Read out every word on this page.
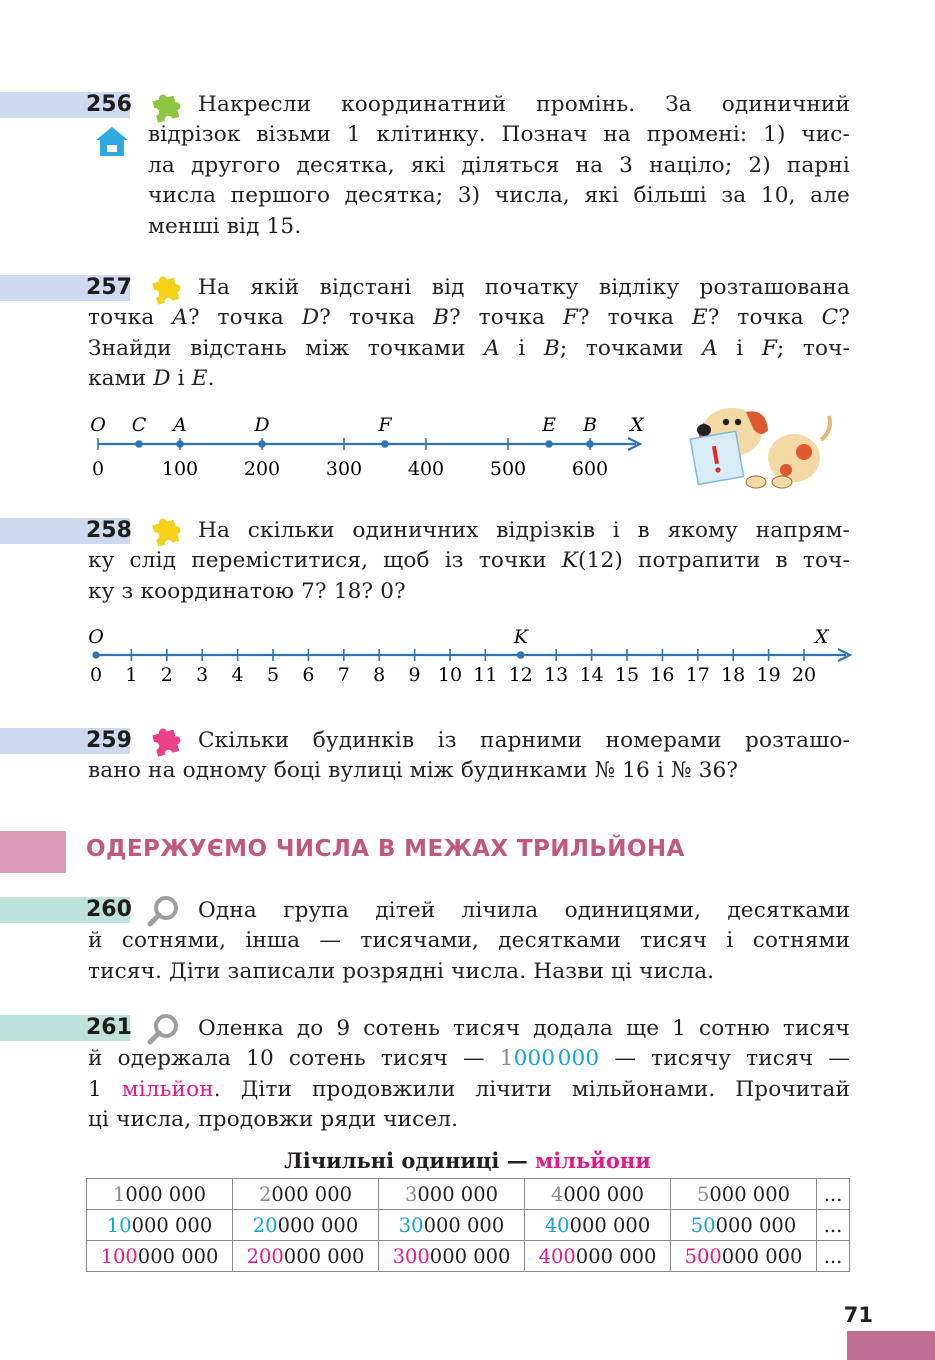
256	Накресли координатний промінь. За одиничний
відрізок візьми 1 клітинку. Познач на промені: 1) чис-
ла другого десятка, які діляться на 3 націло; 2) парні
числа першого десятка; 3) числа, які більші за 10, але
менші від 15.
257	На якій відстані від початку відліку розташована
точка A? точка D? точка B? точка F? точка E? точка C?
Знайди відстань між точками A і B; точками A і F; точ-
ками D і E.
0	100 200 300 400 500 600
O C A	D	F	E B X
258	На скільки одиничних відрізків і в якому напрям-
ку слід переміститися, щоб із точки K(12) потрапити в точ-
ку з координатою 7? 18? 0?
0 1 2 3 4 5 6 7 8 9 10 11 12 13 14 15 16 17 18 19 20
O	K	X
259	Скільки будинків із парними номерами розташо-
вано на одному боці вулиці між будинками № 16 і № 36?
ОДЕРЖУЄМО ЧИСЛА В МЕЖАХ ТРИЛЬЙОНА
260	Одна група дітей лічила одиницями, десятками
й сотнями, інша — тисячами, десятками тисяч і сотнями
тисяч. Діти записали розрядні числа. Назви ці числа.
261	Оленка до 9 сотень тисяч додала ще 1 сотню тисяч
й одержала 10 сотень тисяч — 1000  000 — тисячу тисяч —
1 мільйон. Діти продовжили лічити мільйонами. Прочитай
ці числа, продовжи ряди чисел.
Лічильні одиниці — мільйони
1000 000	2000 000	3000 000	4000 000	5000 000	...
10000 000	20000 000	30000 000	40000 000	50000 000	...
100000 000	200000 000	300000 000	400000 000	500000 000	...
71
